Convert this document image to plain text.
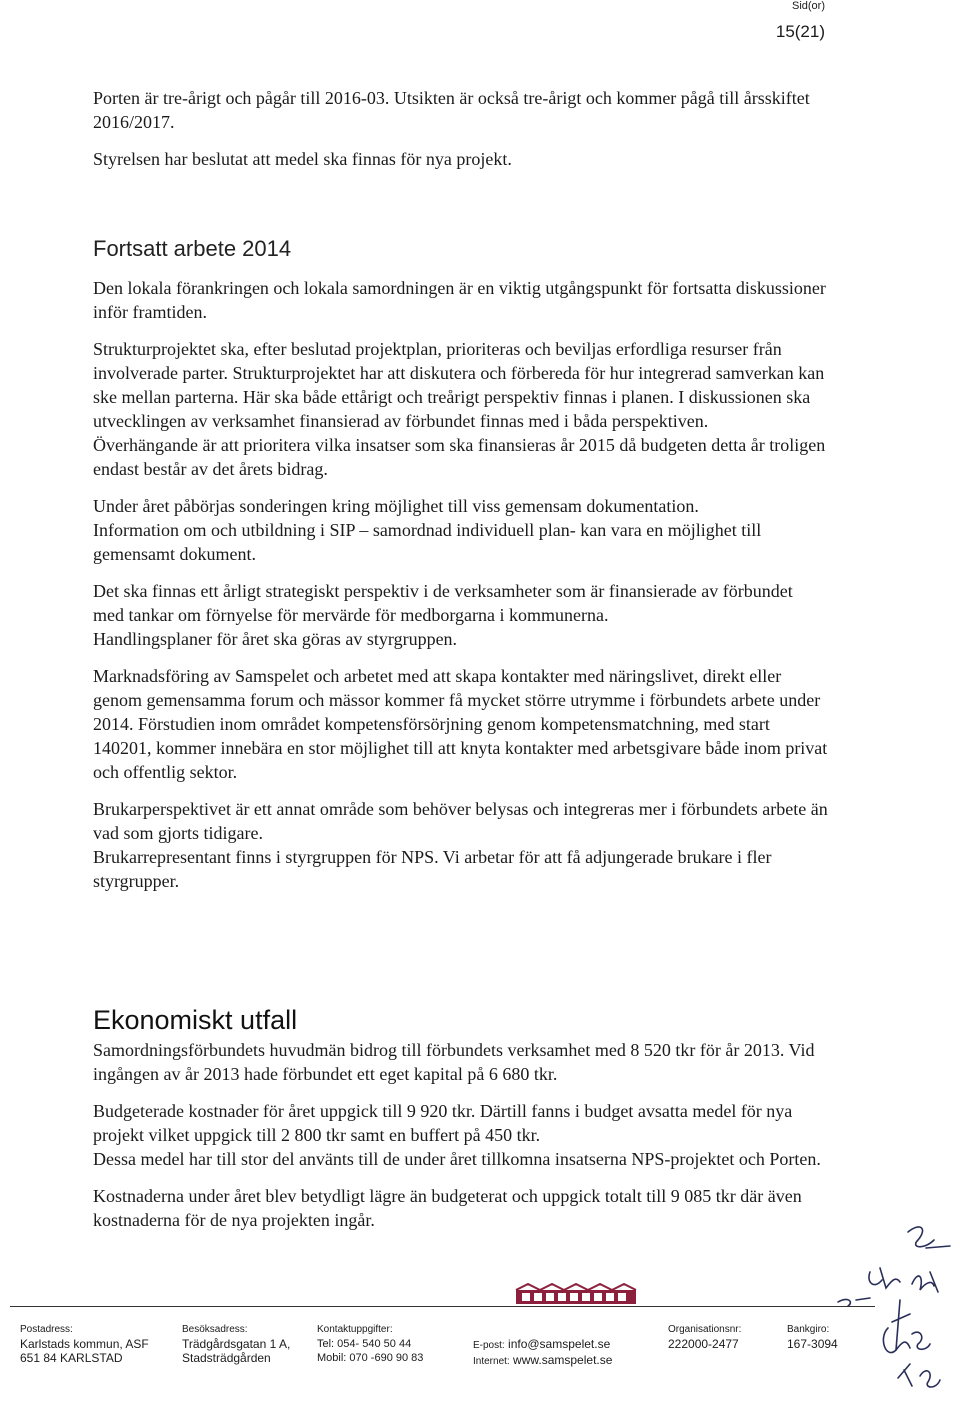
Sid(or)
15(21)

Porten är tre-årigt och pågår till 2016-03. Utsikten är också tre-årigt och kommer pågå till årsskiftet 2016/2017.

Styrelsen har beslutat att medel ska finnas för nya projekt.

Fortsatt arbete 2014

Den lokala förankringen och lokala samordningen är en viktig utgångspunkt för fortsatta diskussioner inför framtiden.

Strukturprojektet ska, efter beslutad projektplan, prioriteras och beviljas erfordliga resurser från involverade parter. Strukturprojektet har att diskutera och förbereda för hur integrerad samverkan kan ske mellan parterna. Här ska både ettårigt och treårigt perspektiv finnas i planen. I diskussionen ska utvecklingen av verksamhet finansierad av förbundet finnas med i båda perspektiven.

Överhängande är att prioritera vilka insatser som ska finansieras år 2015 då budgeten detta år troligen endast består av det årets bidrag.

Under året påbörjas sonderingen kring möjlighet till viss gemensam dokumentation.

Information om och utbildning i SIP – samordnad individuell plan- kan vara en möjlighet till gemensamt dokument.

Det ska finnas ett årligt strategiskt perspektiv i de verksamheter som är finansierade av förbundet med tankar om förnyelse för mervärde för medborgarna i kommunerna.

Handlingsplaner för året ska göras av styrgruppen.

Marknadsföring av Samspelet och arbetet med att skapa kontakter med näringslivet, direkt eller genom gemensamma forum och mässor kommer få mycket större utrymme i förbundets arbete under 2014. Förstudien inom området kompetensförsörjning genom kompetensmatchning, med start 140201, kommer innebära en stor möjlighet till att knyta kontakter med arbetsgivare både inom privat och offentlig sektor.

Brukarperspektivet är ett annat område som behöver belysas och integreras mer i förbundets arbete än vad som gjorts tidigare.

Brukarrepresentant finns i styrgruppen för NPS. Vi arbetar för att få adjungerade brukare i fler styrgrupper.

Ekonomiskt utfall

Samordningsförbundets huvudmän bidrog till förbundets verksamhet med 8 520 tkr för år 2013. Vid ingången av år 2013 hade förbundet ett eget kapital på 6 680 tkr.

Budgeterade kostnader för året uppgick till 9 920 tkr. Därtill fanns i budget avsatta medel för nya projekt vilket uppgick till 2 800 tkr samt en buffert på 450 tkr.

Dessa medel har till stor del använts till de under året tillkomna insatserna NPS-projektet och Porten.

Kostnaderna under året blev betydligt lägre än budgeterat och uppgick totalt till 9 085 tkr där även kostnaderna för de nya projekten ingår.

Postadress:
Karlstads kommun, ASF
651 84 KARLSTAD
Besöksadress:
Trädgårdsgatan 1 A,
Stadsträdgården
Kontaktuppgifter:
Tel: 054- 540 50 44
Mobil: 070 -690 90 83
E-post: info@samspelet.se
Internet: www.samspelet.se
Organisationsnr:
222000-2477
Bankgiro:
167-3094
